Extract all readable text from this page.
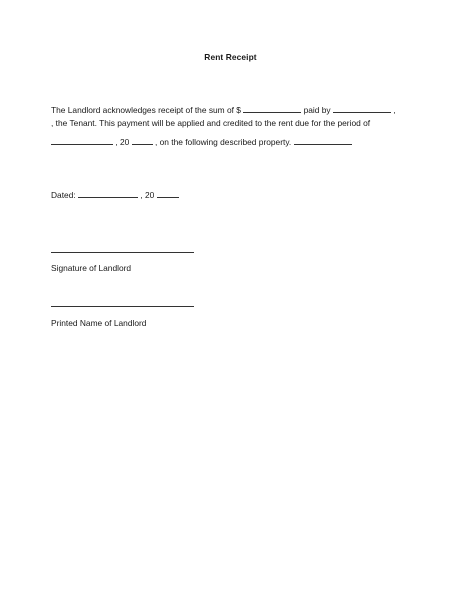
Rent Receipt
The Landlord acknowledges receipt of the sum of $	paid by	,
, the Tenant. This payment will be applied and credited to the rent due for the period of
, 20	, on the following described property.
Dated:	, 20
Signature of Landlord
Printed Name of Landlord
